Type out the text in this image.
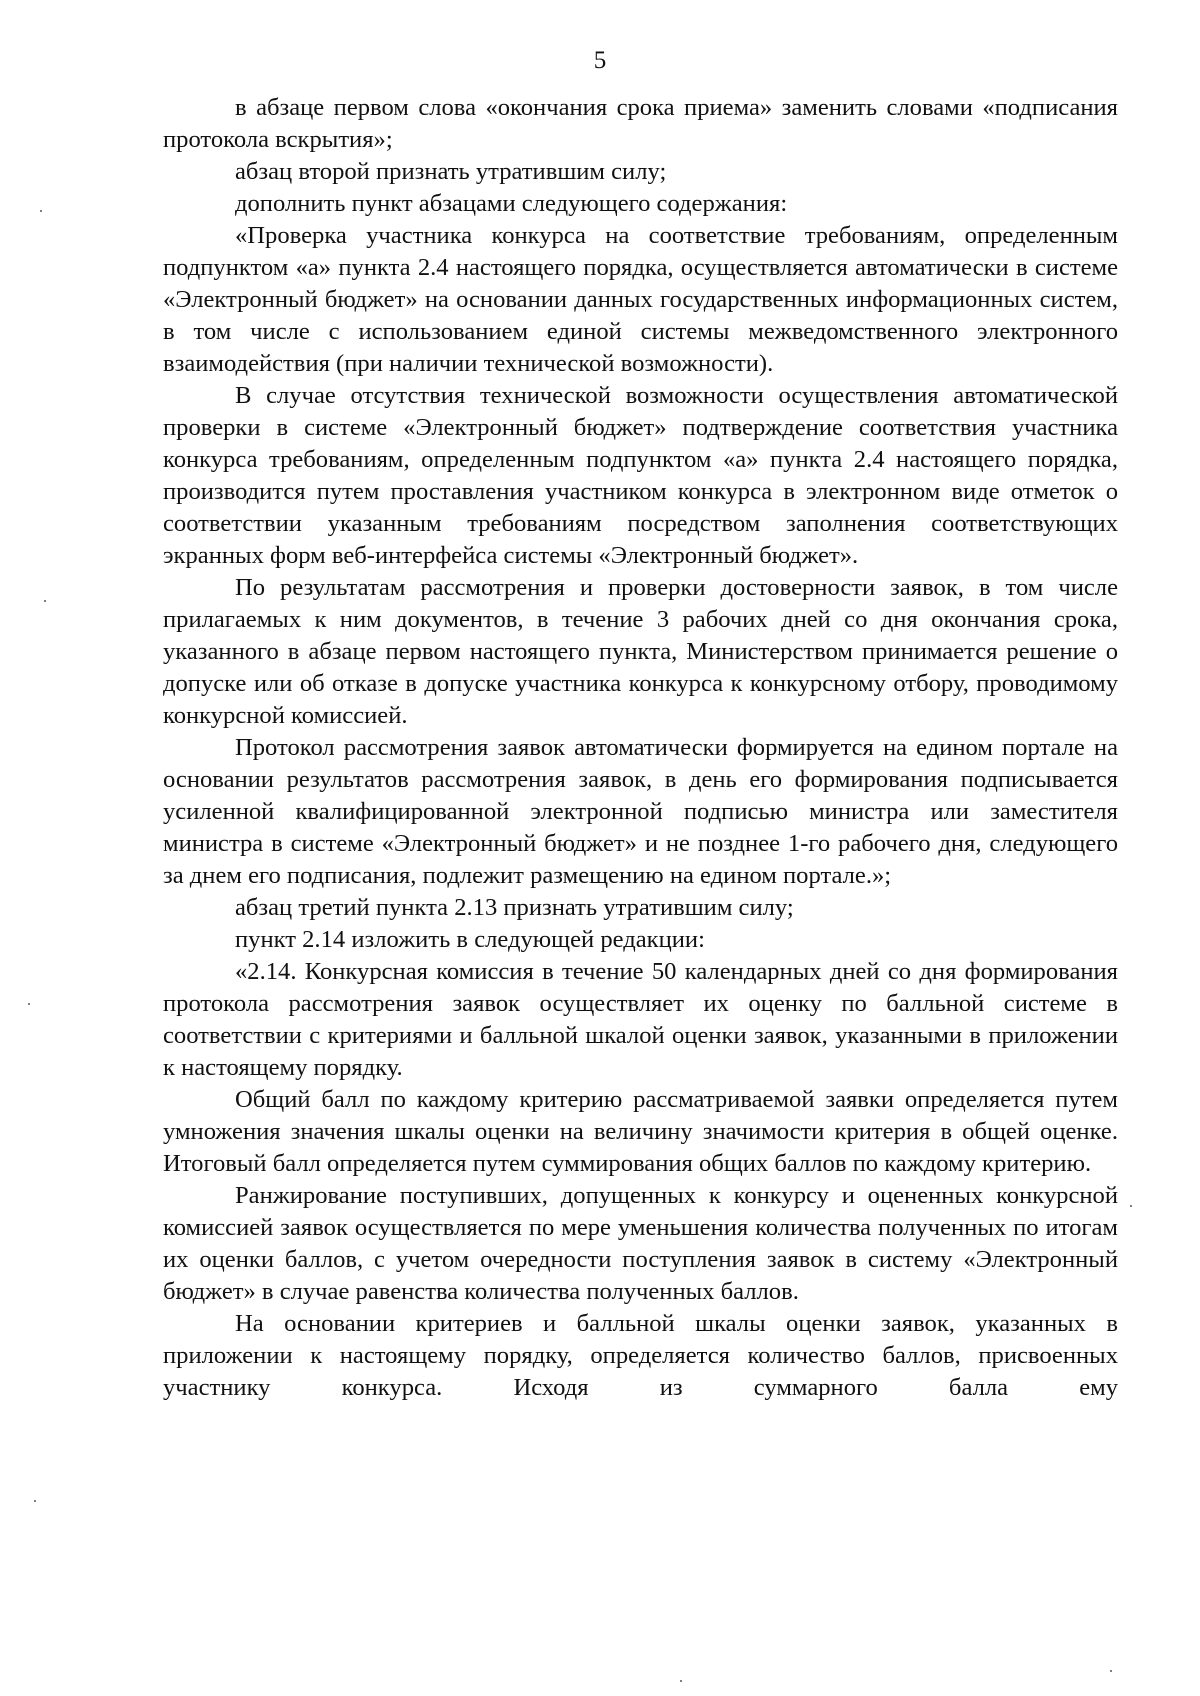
5

в абзаце первом слова «окончания срока приема» заменить словами «подписания протокола вскрытия»;

абзац второй признать утратившим силу;

дополнить пункт абзацами следующего содержания:

«Проверка участника конкурса на соответствие требованиям, определенным подпунктом «а» пункта 2.4 настоящего порядка, осуществляется автоматически в системе «Электронный бюджет» на основании данных государственных информационных систем, в том числе с использованием единой системы межведомственного электронного взаимодействия (при наличии технической возможности).

В случае отсутствия технической возможности осуществления автоматической проверки в системе «Электронный бюджет» подтверждение соответствия участника конкурса требованиям, определенным подпунктом «а» пункта 2.4 настоящего порядка, производится путем проставления участником конкурса в электронном виде отметок о соответствии указанным требованиям посредством заполнения соответствующих экранных форм веб-интерфейса системы «Электронный бюджет».

По результатам рассмотрения и проверки достоверности заявок, в том числе прилагаемых к ним документов, в течение 3 рабочих дней со дня окончания срока, указанного в абзаце первом настоящего пункта, Министерством принимается решение о допуске или об отказе в допуске участника конкурса к конкурсному отбору, проводимому конкурсной комиссией.

Протокол рассмотрения заявок автоматически формируется на едином портале на основании результатов рассмотрения заявок, в день его формирования подписывается усиленной квалифицированной электронной подписью министра или заместителя министра в системе «Электронный бюджет» и не позднее 1-го рабочего дня, следующего за днем его подписания, подлежит размещению на едином портале.»;

абзац третий пункта 2.13 признать утратившим силу;

пункт 2.14 изложить в следующей редакции:

«2.14. Конкурсная комиссия в течение 50 календарных дней со дня формирования протокола рассмотрения заявок осуществляет их оценку по балльной системе в соответствии с критериями и балльной шкалой оценки заявок, указанными в приложении к настоящему порядку.

Общий балл по каждому критерию рассматриваемой заявки определяется путем умножения значения шкалы оценки на величину значимости критерия в общей оценке. Итоговый балл определяется путем суммирования общих баллов по каждому критерию.

Ранжирование поступивших, допущенных к конкурсу и оцененных конкурсной комиссией заявок осуществляется по мере уменьшения количества полученных по итогам их оценки баллов, с учетом очередности поступления заявок в систему «Электронный бюджет» в случае равенства количества полученных баллов.

На основании критериев и балльной шкалы оценки заявок, указанных в приложении к настоящему порядку, определяется количество баллов, присвоенных участнику конкурса. Исходя из суммарного балла ему
